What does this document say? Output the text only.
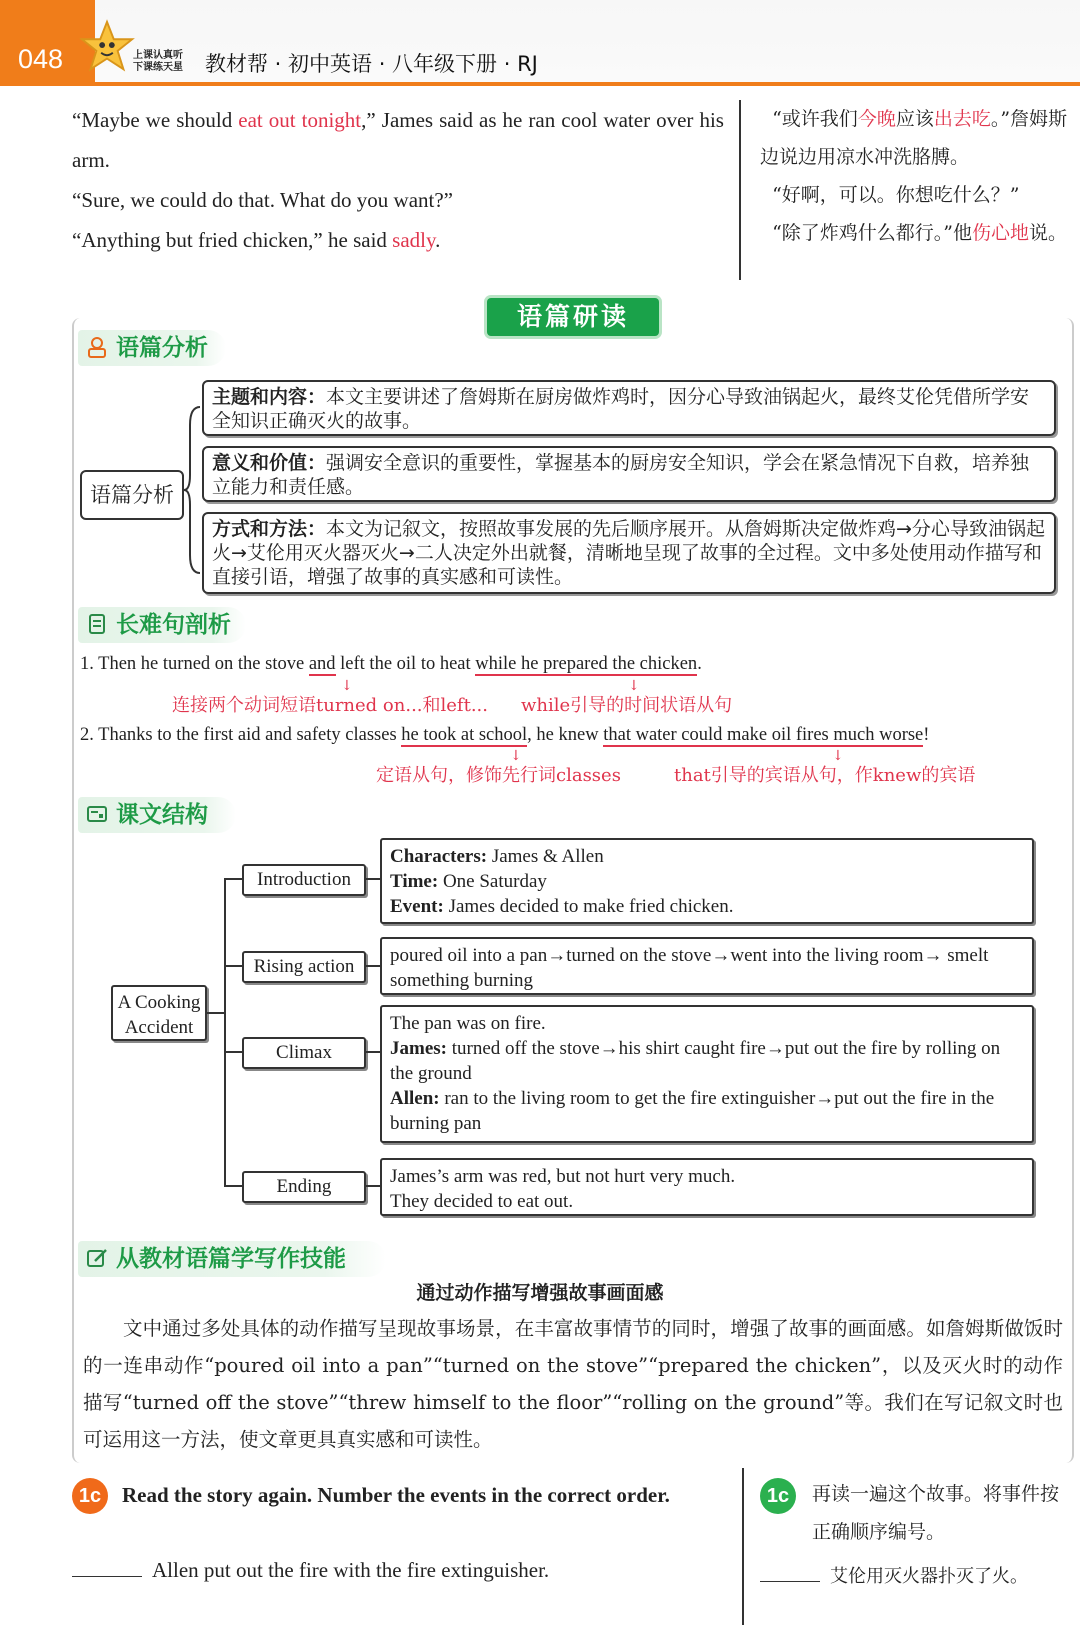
048	上课认真听
下课练天星 教材帮 · 初中英语 · 八年级下册 · RJ

“Maybe we should eat out tonight,” James said as he ran cool water over his arm.

“Sure, we could do that. What do you want?”

“Anything but fried chicken,” he said sadly.

“或许我们今晚应该出去吃。”詹姆斯边说边用凉水冲洗胳膊。

“好啊，可以。你想吃什么？”

“除了炸鸡什么都行。”他伤心地说。

语篇研读
语篇分析
语篇分析
主题和内容：本文主要讲述了詹姆斯在厨房做炸鸡时，因分心导致油锅起火，最终艾伦凭借所学安全知识正确灭火的故事。
意义和价值：强调安全意识的重要性，掌握基本的厨房安全知识，学会在紧急情况下自救，培养独立能力和责任感。
方式和方法：本文为记叙文，按照故事发展的先后顺序展开。从詹姆斯决定做炸鸡→分心导致油锅起火→艾伦用灭火器灭火→二人决定外出就餐，清晰地呈现了故事的全过程。文中多处使用动作描写和直接引语，增强了故事的真实感和可读性。
长难句剖析
1. Then he turned on the stove and left the oil to heat while he prepared the chicken.
↓	↓
连接两个动词短语turned on...和left... while引导的时间状语从句
2. Thanks to the first aid and safety classes he took at school, he knew that water could make oil fires much worse!
↓	↓
定语从句，修饰先行词classes	that引导的宾语从句，作knew的宾语
课文结构
A Cooking
Accident
Introduction
Rising action
Climax
Ending
Characters: James & Allen
Time: One Saturday
Event: James decided to make fried chicken.
poured oil into a pan→turned on the stove→went into the living room→ smelt something burning
The pan was on fire.
James: turned off the stove→his shirt caught fire→put out the fire by rolling on the ground
Allen: ran to the living room to get the fire extinguisher→put out the fire in the burning pan
James’s arm was red, but not hurt very much.
They decided to eat out.
从教材语篇学写作技能
通过动作描写增强故事画面感
文中通过多处具体的动作描写呈现故事场景，在丰富故事情节的同时，增强了故事的画面感。如詹姆斯做饭时的一连串动作“poured oil into a pan”“turned on the stove”“prepared the chicken”，以及灭火时的动作描写“turned off the stove”“threw himself to the floor”“rolling on the ground”等。我们在写记叙文时也可运用这一方法，使文章更具真实感和可读性。
1c Read the story again. Number the events in the correct order.	1c	再读一遍这个故事。将事件按正确顺序编号。
Allen put out the fire with the fire extinguisher.	艾伦用灭火器扑灭了火。
